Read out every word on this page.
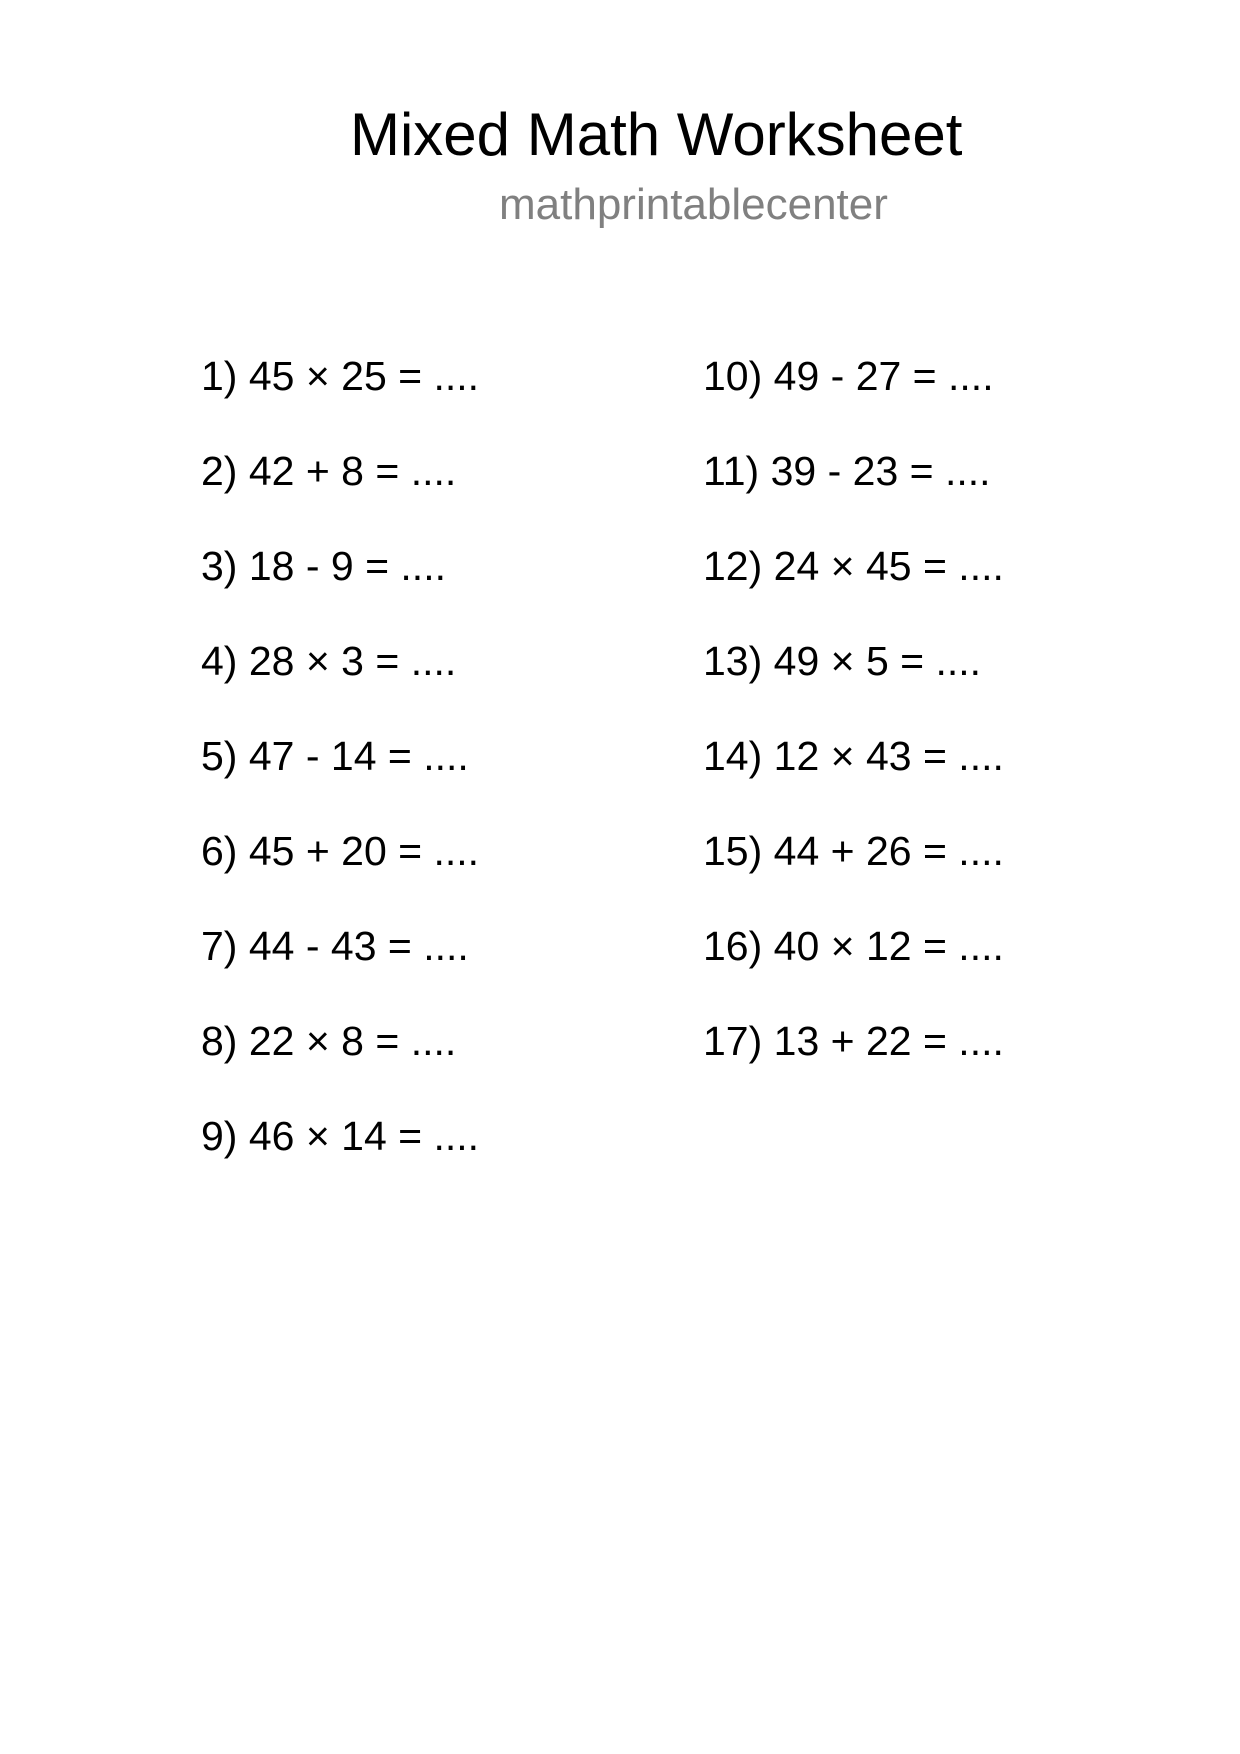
Mixed Math Worksheet
mathprintablecenter
1) 45 × 25 = ....
2) 42 + 8 = ....
3) 18 - 9 = ....
4) 28 × 3 = ....
5) 47 - 14 = ....
6) 45 + 20 = ....
7) 44 - 43 = ....
8) 22 × 8 = ....
9) 46 × 14 = ....
10) 49 - 27 = ....
11) 39 - 23 = ....
12) 24 × 45 = ....
13) 49 × 5 = ....
14) 12 × 43 = ....
15) 44 + 26 = ....
16) 40 × 12 = ....
17) 13 + 22 = ....
